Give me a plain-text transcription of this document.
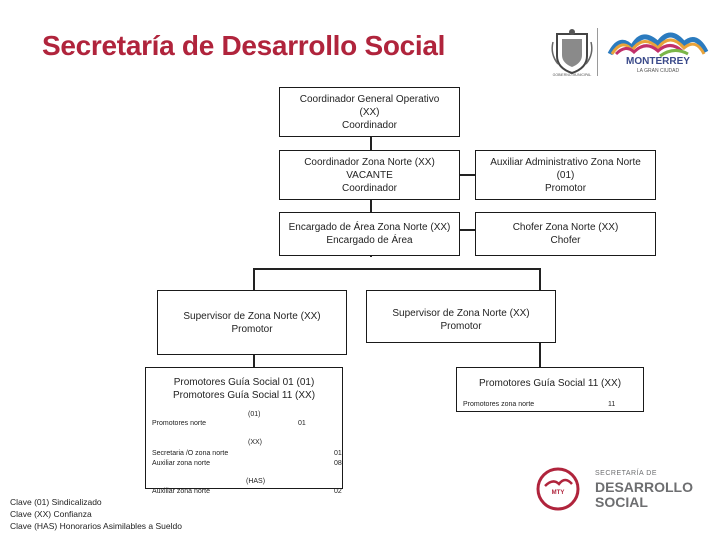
Secretaría de Desarrollo Social
GOBIERNO MUNICIPAL
MONTERREY
LA GRAN CIUDAD
Coordinador General Operativo
(XX)
Coordinador
Coordinador Zona Norte (XX)
VACANTE
Coordinador
Auxiliar Administrativo Zona Norte
(01)
Promotor
Encargado de Área Zona Norte (XX)
Encargado de Área
Chofer Zona Norte (XX)
Chofer
Supervisor de Zona Norte (XX)
Promotor
Supervisor de Zona Norte (XX)
Promotor
Promotores Guía Social 01 (01)
Promotores Guía Social 11 (XX)
(01)
Promotores norte	01
(XX)
Secretaria /O zona norte	01
Auxiliar zona norte	08
(HAS)
Auxiliar zona norte	02
Promotores Guía Social 11 (XX)
Promotores zona norte	11
Clave (01) Sindicalizado
Clave (XX) Confianza
Clave (HAS) Honorarios Asimilables a Sueldo
MTY
SECRETARÍA DE
DESARROLLO
SOCIAL
